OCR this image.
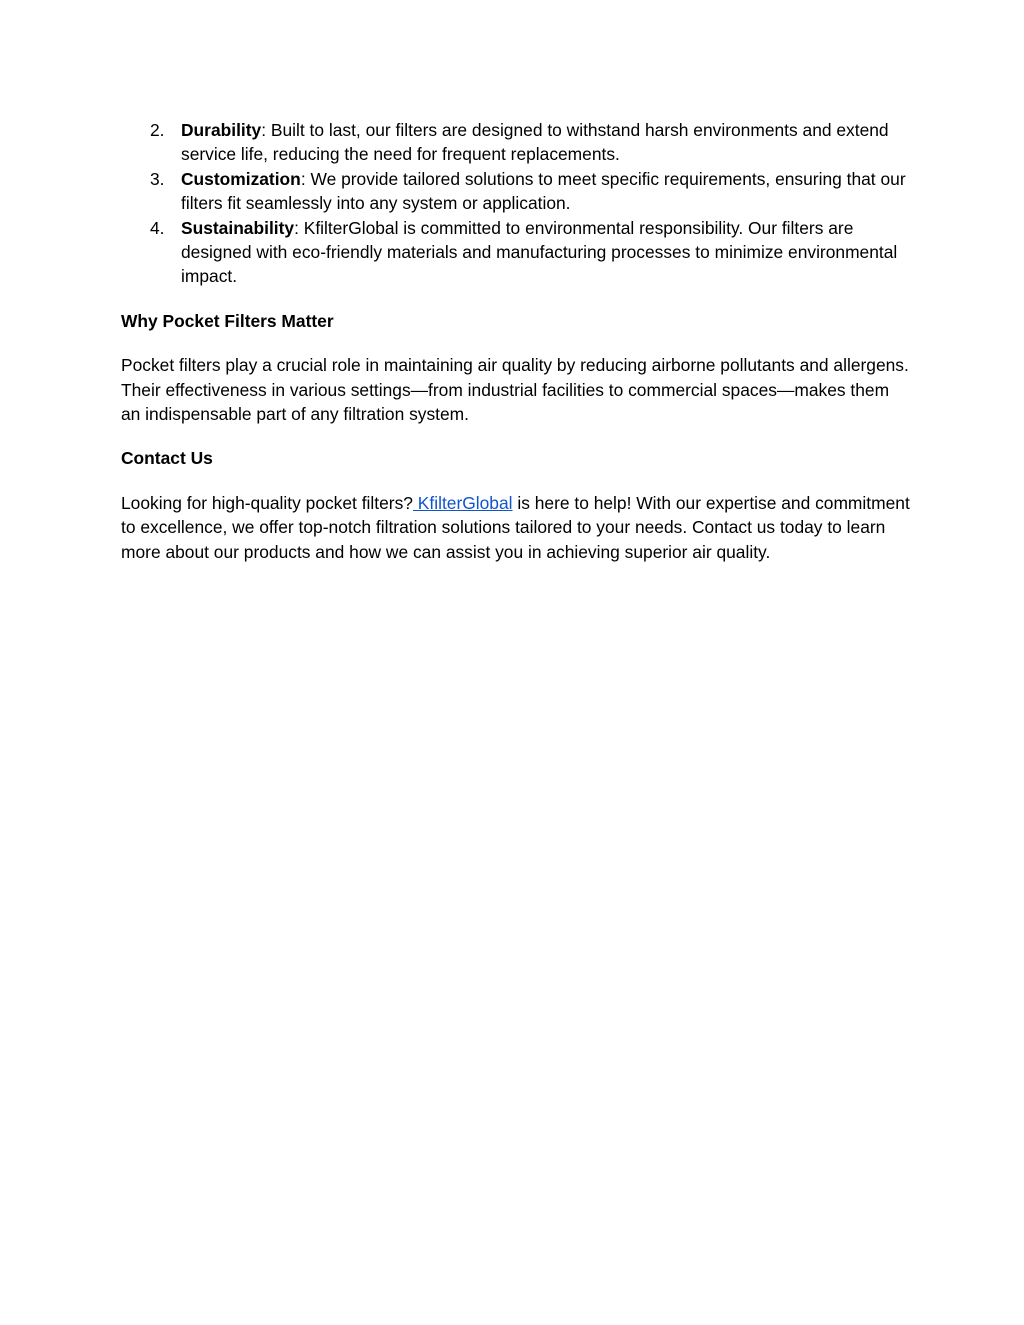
2. Durability: Built to last, our filters are designed to withstand harsh environments and extend service life, reducing the need for frequent replacements.
3. Customization: We provide tailored solutions to meet specific requirements, ensuring that our filters fit seamlessly into any system or application.
4. Sustainability: KfilterGlobal is committed to environmental responsibility. Our filters are designed with eco-friendly materials and manufacturing processes to minimize environmental impact.
Why Pocket Filters Matter

Pocket filters play a crucial role in maintaining air quality by reducing airborne pollutants and allergens. Their effectiveness in various settings—from industrial facilities to commercial spaces—makes them an indispensable part of any filtration system.

Contact Us

Looking for high-quality pocket filters? KfilterGlobal is here to help! With our expertise and commitment to excellence, we offer top-notch filtration solutions tailored to your needs. Contact us today to learn more about our products and how we can assist you in achieving superior air quality.
